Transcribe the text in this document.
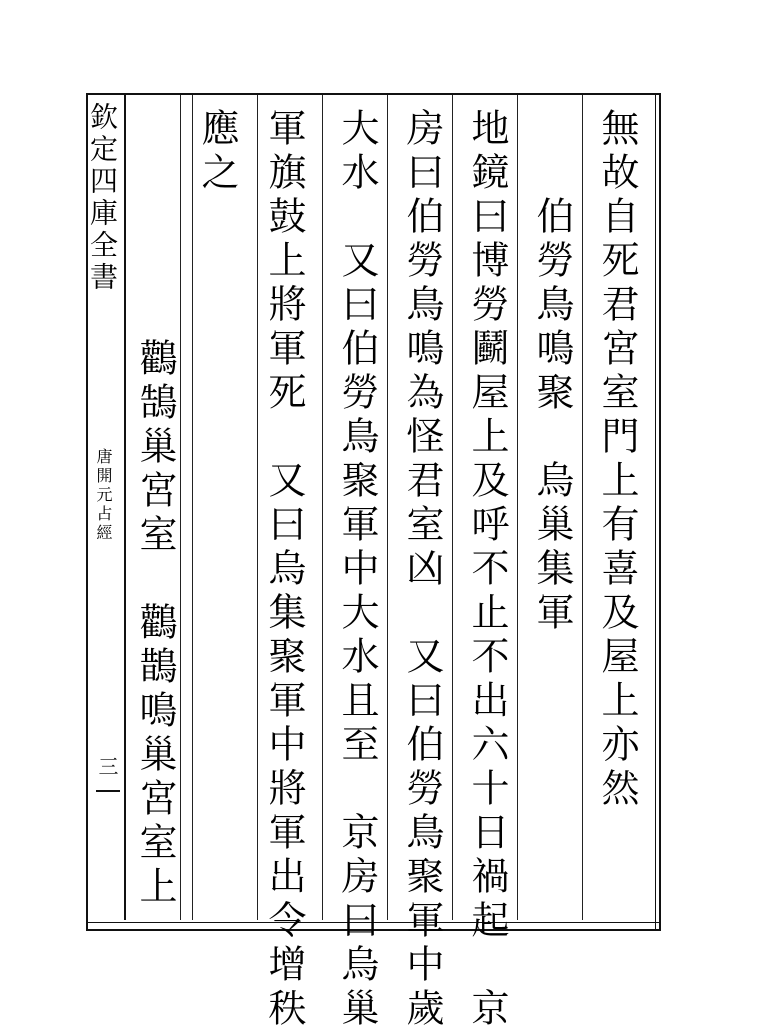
欽定四庫全書
唐開元占經
三	無故自死君宮室門上有喜及屋上亦然
　　伯勞鳥鳴聚　烏巢集軍
地鏡曰博勞鬬屋上及呼不止不出六十日禍起　京
房曰伯勞鳥鳴為怪君室凶　又曰伯勞鳥聚軍中歲
大水　又曰伯勞鳥聚軍中大水且至　京房曰烏巢
軍旗鼓上將軍死　又曰烏集聚軍中將軍出令增秩
應之
　　鸛鵠巢宮室　鸛鵲鳴巢宮室上
